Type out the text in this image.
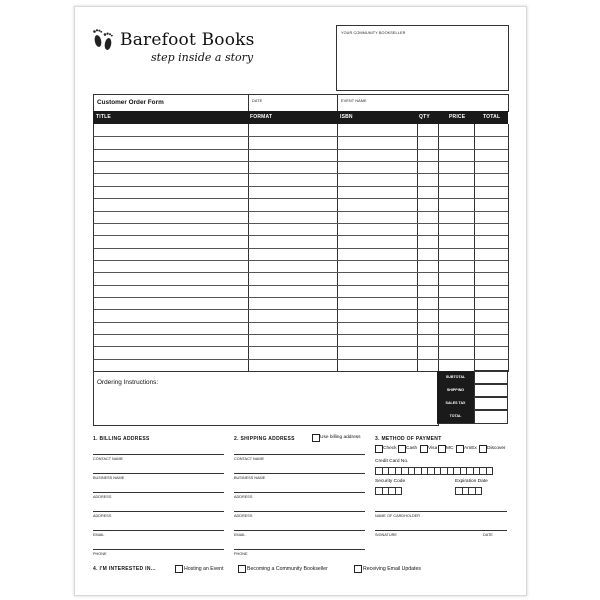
Barefoot Books
step inside a story
YOUR COMMUNITY BOOKSELLER
Customer Order Form	DATE	EVENT NAME
TITLE	FORMAT	ISBN	QTY	PRICE	TOTAL
Ordering Instructions:
SUBTOTAL
SHIPPING
SALES TAX
TOTAL
1. BILLING ADDRESS
CONTACT NAME
BUSINESS NAME
ADDRESS
ADDRESS
EMAIL
PHONE
2. SHIPPING ADDRESS	Use billing address
CONTACT NAME
BUSINESS NAME
ADDRESS
ADDRESS
EMAIL
PHONE
3. METHOD OF PAYMENT
Check Cash Visa MC AmEx Discover
Credit Card No.
Security Code	Expiration Date
NAME OF CARDHOLDER
SIGNATURE	DATE
4. I'M INTERESTED IN...	Hosting an Event	Becoming a Community Bookseller	Receiving Email Updates
